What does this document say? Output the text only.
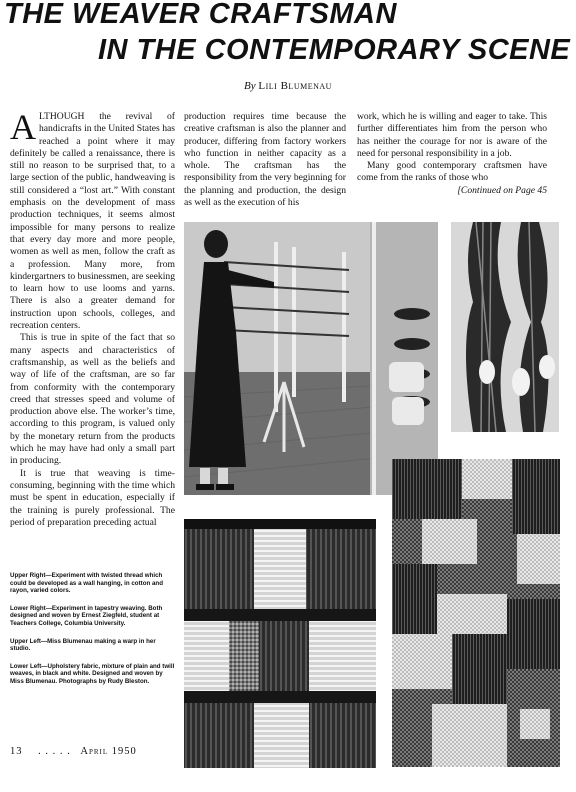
THE WEAVER CRAFTSMAN
IN THE CONTEMPORARY SCENE
By Lili Blumenau

ALTHOUGH the revival of handicrafts in the United States has reached a point where it may definitely be called a renaissance, there is still no reason to be surprised that, to a large section of the public, handweaving is still considered a “lost art.” With constant emphasis on the development of mass production techniques, it seems almost impossible for many persons to realize that every day more and more people, women as well as men, follow the craft as a profession. Many more, from kindergartners to businessmen, are seeking to learn how to use looms and yarns. There is also a greater demand for instruction upon schools, colleges, and recreation centers.

This is true in spite of the fact that so many aspects and characteristics of craftsmanship, as well as the beliefs and way of life of the craftsman, are so far from conformity with the contemporary creed that stresses speed and volume of production above else. The worker’s time, according to this program, is valued only by the monetary return from the products which he may have had only a small part in producing.

It is true that weaving is time-consuming, beginning with the time which must be spent in education, especially if the training is purely professional. The period of preparation preceding actual

production requires time because the creative craftsman is also the planner and producer, differing from factory workers who function in neither capacity as a whole. The craftsman has the responsibility from the very beginning for the planning and production, the design as well as the execution of his

work, which he is willing and eager to take. This further differentiates him from the person who has neither the courage for nor is aware of the need for personal responsibility in a job.

Many good contemporary craftsmen have come from the ranks of those who

[Continued on Page 45

Upper Right—Experiment with twisted thread which could be developed as a wall hanging, in cotton and rayon, varied colors.

Lower Right—Experiment in tapestry weaving. Both designed and woven by Ernest Ziegfeld, student at Teachers College, Columbia University.

Upper Left—Miss Blumenau making a warp in her studio.

Lower Left—Upholstery fabric, mixture of plain and twill weaves, in black and white. Designed and woven by Miss Blumenau. Photographs by Rudy Bleston.

13 . . . . . April 1950
